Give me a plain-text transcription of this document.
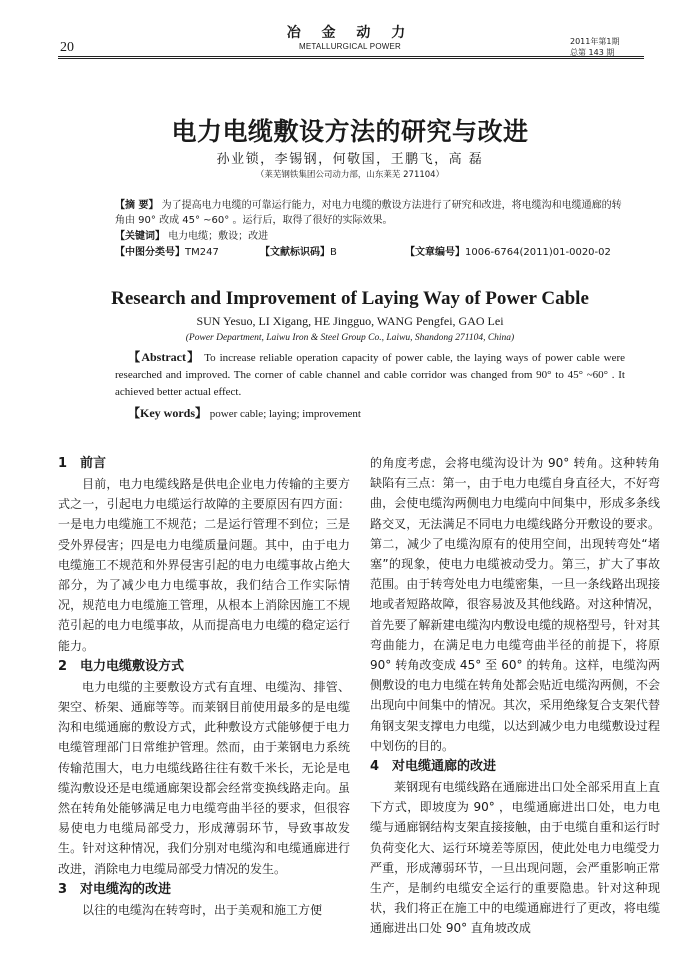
20
冶 金 动 力
METALLURGICAL POWER
2011年第1期
总第 143 期
电力电缆敷设方法的研究与改进
孙业锁，李锡钢，何敬国，王鹏飞，高 磊
（莱芜钢铁集团公司动力部，山东莱芜 271104）
【摘 要】 为了提高电力电缆的可靠运行能力，对电力电缆的敷设方法进行了研究和改进，将电缆沟和电缆通廊的转角由 90° 改成 45° ~60° 。运行后，取得了很好的实际效果。
【关键词】 电力电缆；敷设；改进
【中图分类号】TM247	【文献标识码】B	【文章编号】1006-6764(2011)01-0020-02
Research and Improvement of Laying Way of Power Cable
SUN Yesuo, LI Xigang, HE Jingguo, WANG Pengfei, GAO Lei
(Power Department, Laiwu Iron & Steel Group Co., Laiwu, Shandong 271104, China)
【Abstract】 To increase reliable operation capacity of power cable, the laying ways of power cable were researched and improved. The corner of cable channel and cable corridor was changed from 90° to 45° ~60° . It achieved better actual effect.
【Key words】 power cable; laying; improvement
1 前言

目前，电力电缆线路是供电企业电力传输的主要方式之一，引起电力电缆运行故障的主要原因有四方面：一是电力电缆施工不规范；二是运行管理不到位；三是受外界侵害；四是电力电缆质量问题。其中，由于电力电缆施工不规范和外界侵害引起的电力电缆事故占绝大部分，为了减少电力电缆事故，我们结合工作实际情况，规范电力电缆施工管理，从根本上消除因施工不规范引起的电力电缆事故，从而提高电力电缆的稳定运行能力。

2 电力电缆敷设方式

电力电缆的主要敷设方式有直埋、电缆沟、排管、架空、桥架、通廊等等。而莱钢目前使用最多的是电缆沟和电缆通廊的敷设方式，此种敷设方式能够便于电力电缆管理部门日常维护管理。然而，由于莱钢电力系统传输范围大，电力电缆线路往往有数千米长，无论是电缆沟敷设还是电缆通廊架设都会经常变换线路走向。虽然在转角处能够满足电力电缆弯曲半径的要求，但很容易使电力电缆局部受力，形成薄弱环节，导致事故发生。针对这种情况，我们分别对电缆沟和电缆通廊进行改进，消除电力电缆局部受力情况的发生。

3 对电缆沟的改进

以往的电缆沟在转弯时，出于美观和施工方便

的角度考虑，会将电缆沟设计为 90° 转角。这种转角缺陷有三点：第一，由于电力电缆自身直径大，不好弯曲，会使电缆沟两侧电力电缆向中间集中，形成多条线路交叉，无法满足不同电力电缆线路分开敷设的要求。第二，减少了电缆沟原有的使用空间，出现转弯处“堵塞”的现象，使电力电缆被动受力。第三，扩大了事故范围。由于转弯处电力电缆密集，一旦一条线路出现接地或者短路故障，很容易波及其他线路。对这种情况，首先要了解新建电缆沟内敷设电缆的规格型号，针对其弯曲能力，在满足电力电缆弯曲半径的前提下，将原 90° 转角改变成 45° 至 60° 的转角。这样，电缆沟两侧敷设的电力电缆在转角处都会贴近电缆沟两侧，不会出现向中间集中的情况。其次，采用绝缘复合支架代替角钢支架支撑电力电缆，以达到减少电力电缆敷设过程中划伤的目的。

4 对电缆通廊的改进

莱钢现有电缆线路在通廊进出口处全部采用直上直下方式，即坡度为 90° ，电缆通廊进出口处，电力电缆与通廊钢结构支架直接接触，由于电缆自重和运行时负荷变化大、运行环境差等原因，使此处电力电缆受力严重，形成薄弱环节，一旦出现问题，会严重影响正常生产，是制约电缆安全运行的重要隐患。针对这种现状，我们将正在施工中的电缆通廊进行了更改，将电缆通廊进出口处 90° 直角坡改成
